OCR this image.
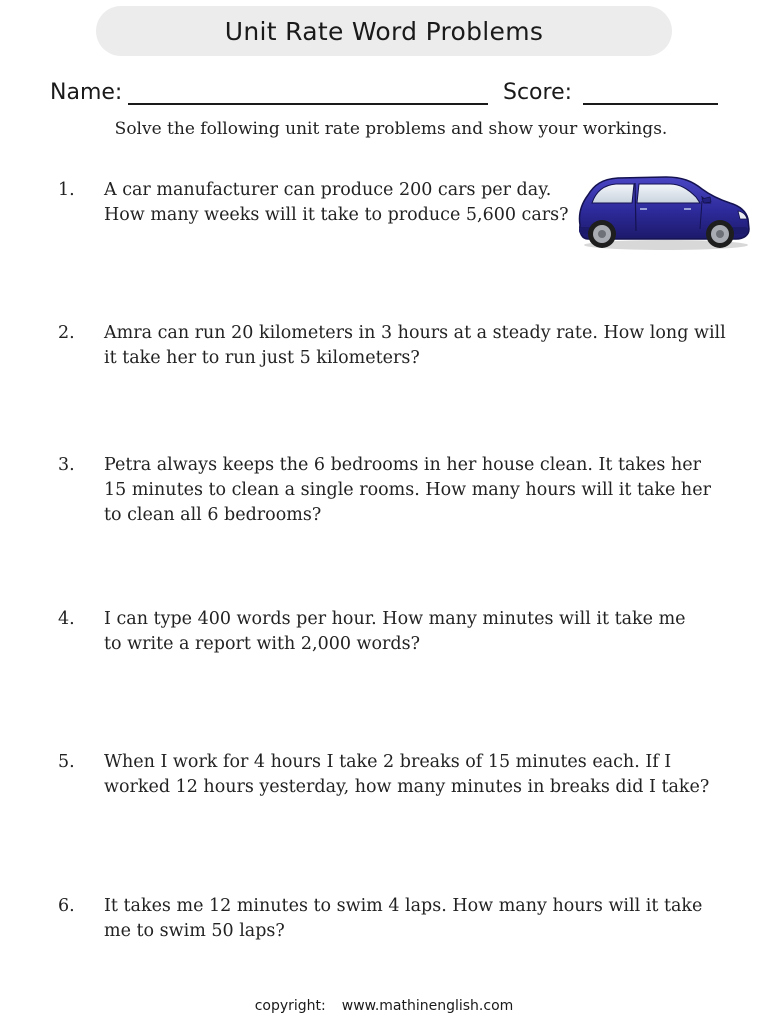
Unit Rate Word Problems
Name:	Score:
Solve the following unit rate problems and show your workings.
1. A car manufacturer can produce 200 cars per day.
How many weeks will it take to produce 5,600 cars?
2. Amra can run 20 kilometers in 3 hours at a steady rate. How long will
it take her to run just 5 kilometers?
3. Petra always keeps the 6 bedrooms in her house clean. It takes her
15 minutes to clean a single rooms. How many hours will it take her
to clean all 6 bedrooms?
4. I can type 400 words per hour. How many minutes will it take me
to write a report with 2,000 words?
5. When I work for 4 hours I take 2 breaks of 15 minutes each. If I
worked 12 hours yesterday, how many minutes in breaks did I take?
6. It takes me 12 minutes to swim 4 laps. How many hours will it take
me to swim 50 laps?
copyright: www.mathinenglish.com
